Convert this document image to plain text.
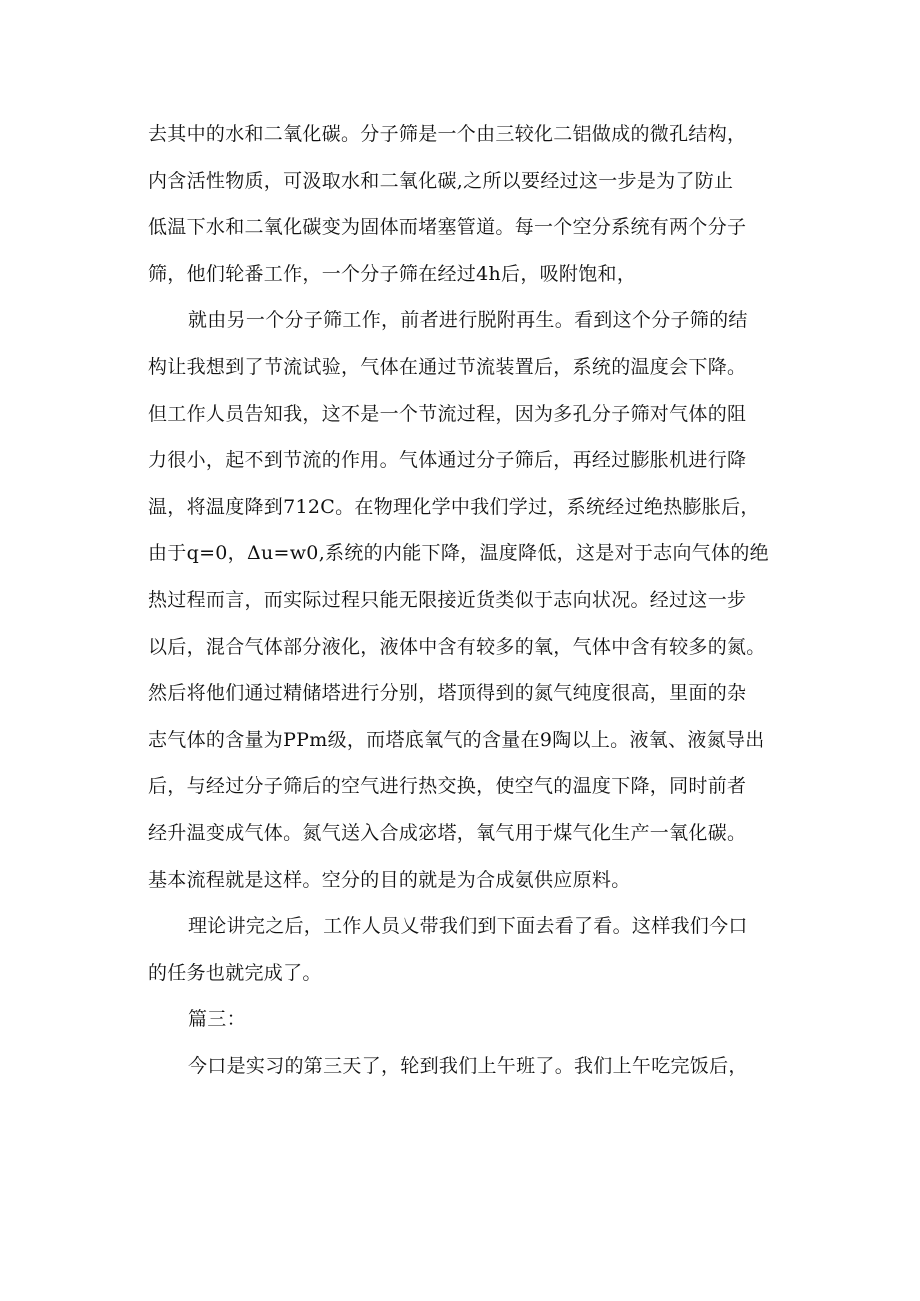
去其中的水和二氧化碳。分子筛是一个由三较化二铝做成的微孔结构，
内含活性物质，可汲取水和二氧化碳,之所以要经过这一步是为了防止
低温下水和二氧化碳变为固体而堵塞管道。每一个空分系统有两个分子
筛，他们轮番工作，一个分子筛在经过4h后，吸附饱和，
就由另一个分子筛工作，前者进行脱附再生。看到这个分子筛的结
构让我想到了节流试验，气体在通过节流装置后，系统的温度会下降。
但工作人员告知我，这不是一个节流过程，因为多孔分子筛对气体的阻
力很小，起不到节流的作用。气体通过分子筛后，再经过膨胀机进行降
温，将温度降到712C。在物理化学中我们学过，系统经过绝热膨胀后，
由于q=0，Δu=w0,系统的内能下降，温度降低，这是对于志向气体的绝
热过程而言，而实际过程只能无限接近货类似于志向状况。经过这一步
以后，混合气体部分液化，液体中含有较多的氧，气体中含有较多的氮。
然后将他们通过精储塔进行分别，塔顶得到的氮气纯度很高，里面的杂
志气体的含量为PPm级，而塔底氧气的含量在9陶以上。液氧、液氮导出
后，与经过分子筛后的空气进行热交换，使空气的温度下降，同时前者
经升温变成气体。氮气送入合成宓塔，氧气用于煤气化生产一氧化碳。
基本流程就是这样。空分的目的就是为合成氨供应原料。
理论讲完之后，工作人员乂带我们到下面去看了看。这样我们今口
的任务也就完成了。
篇三：
今口是实习的第三天了，轮到我们上午班了。我们上午吃完饭后，
